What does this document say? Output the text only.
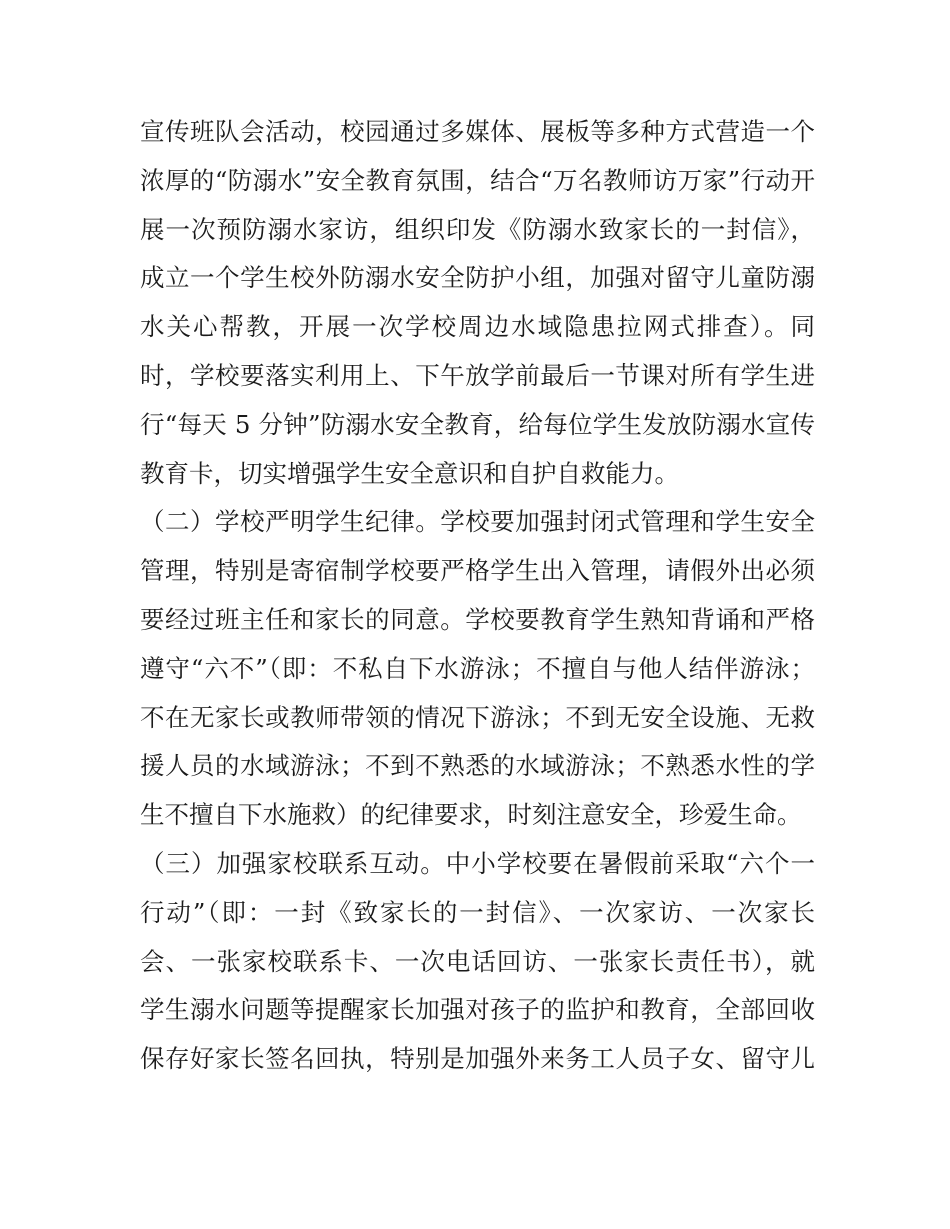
宣传班队会活动，校园通过多媒体、展板等多种方式营造一个
浓厚的“防溺水”安全教育氛围，结合“万名教师访万家”行动开
展一次预防溺水家访，组织印发《防溺水致家长的一封信》，
成立一个学生校外防溺水安全防护小组，加强对留守儿童防溺
水关心帮教，开展一次学校周边水域隐患拉网式排查）。同
时，学校要落实利用上、下午放学前最后一节课对所有学生进
行“每天 5 分钟”防溺水安全教育，给每位学生发放防溺水宣传
教育卡，切实增强学生安全意识和自护自救能力。
（二）学校严明学生纪律。学校要加强封闭式管理和学生安全
管理，特别是寄宿制学校要严格学生出入管理，请假外出必须
要经过班主任和家长的同意。学校要教育学生熟知背诵和严格
遵守“六不”（即：不私自下水游泳；不擅自与他人结伴游泳；
不在无家长或教师带领的情况下游泳；不到无安全设施、无救
援人员的水域游泳；不到不熟悉的水域游泳；不熟悉水性的学
生不擅自下水施救）的纪律要求，时刻注意安全，珍爱生命。
（三）加强家校联系互动。中小学校要在暑假前采取“六个一
行动”（即：一封《致家长的一封信》、一次家访、一次家长
会、一张家校联系卡、一次电话回访、一张家长责任书），就
学生溺水问题等提醒家长加强对孩子的监护和教育，全部回收
保存好家长签名回执，特别是加强外来务工人员子女、留守儿
